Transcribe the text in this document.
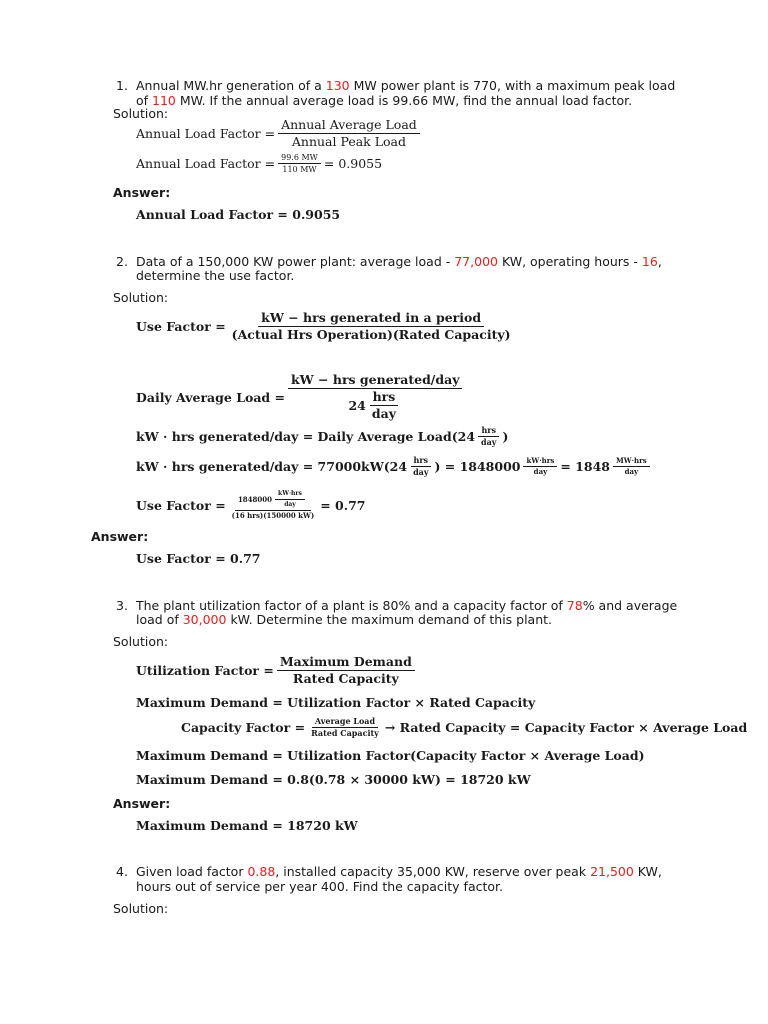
1. Annual MW.hr generation of a 130 MW power plant is 770, with a maximum peak load
of 110 MW. If the annual average load is 99.66 MW, find the annual load factor.
Solution:
Annual Load Factor = $\frac{\text{Annual Average Load}}{\text{Annual Peak Load}}$
Annual Load Factor = $\frac{99.6 MW}{110 MW} = 0.9055$
Answer:
Annual Load Factor = 0.9055
2. Data of a 150,000 KW power plant: average load - 77,000 KW, operating hours - 16,
determine the use factor.
Solution:
Use Factor = $\frac{\text{kW − hrs generated in a period}}{\text{(Actual Hrs Operation)(Rated Capacity)}}$
Daily Average Load = $\frac{\text{kW − hrs generated/day}}{24 \frac{\text{hrs}}{\text{day}}}$
kW · hrs generated/day = Daily Average Load(24 $\frac{\text{hrs}}{\text{day}}$ )
kW · hrs generated/day = 77000kW ($24 \frac{\text{hrs}}{\text{day}}$ ) = $1848000 \frac{\text{kW·hrs}}{\text{day}} = 1848 \frac{\text{MW·hrs}}{\text{day}}$
Use Factor = $\frac{1848000 \frac{\text{kW·hrs}}{\text{day}}}{\text{(16 hrs)(150000 kW)}} = 0.77$
Answer:
Use Factor = 0.77
3. The plant utilization factor of a plant is 80% and a capacity factor of 78% and average
load of 30,000 kW. Determine the maximum demand of this plant.
Solution:
Utilization Factor = $\frac{\text{Maximum Demand}}{\text{Rated Capacity}}$
Maximum Demand = Utilization Factor × Rated Capacity
Capacity Factor = $\frac{\text{Average Load}}{\text{Rated Capacity}}$ → Rated Capacity = Capacity Factor × Average Load
Maximum Demand = Utilization Factor(Capacity Factor × Average Load)
Maximum Demand = 0.8(0.78 × 30000 kW) = 18720 kW
Answer:
Maximum Demand = 18720 kW
4. Given load factor 0.88, installed capacity 35,000 KW, reserve over peak 21,500 KW,
hours out of service per year 400. Find the capacity factor.
Solution:
